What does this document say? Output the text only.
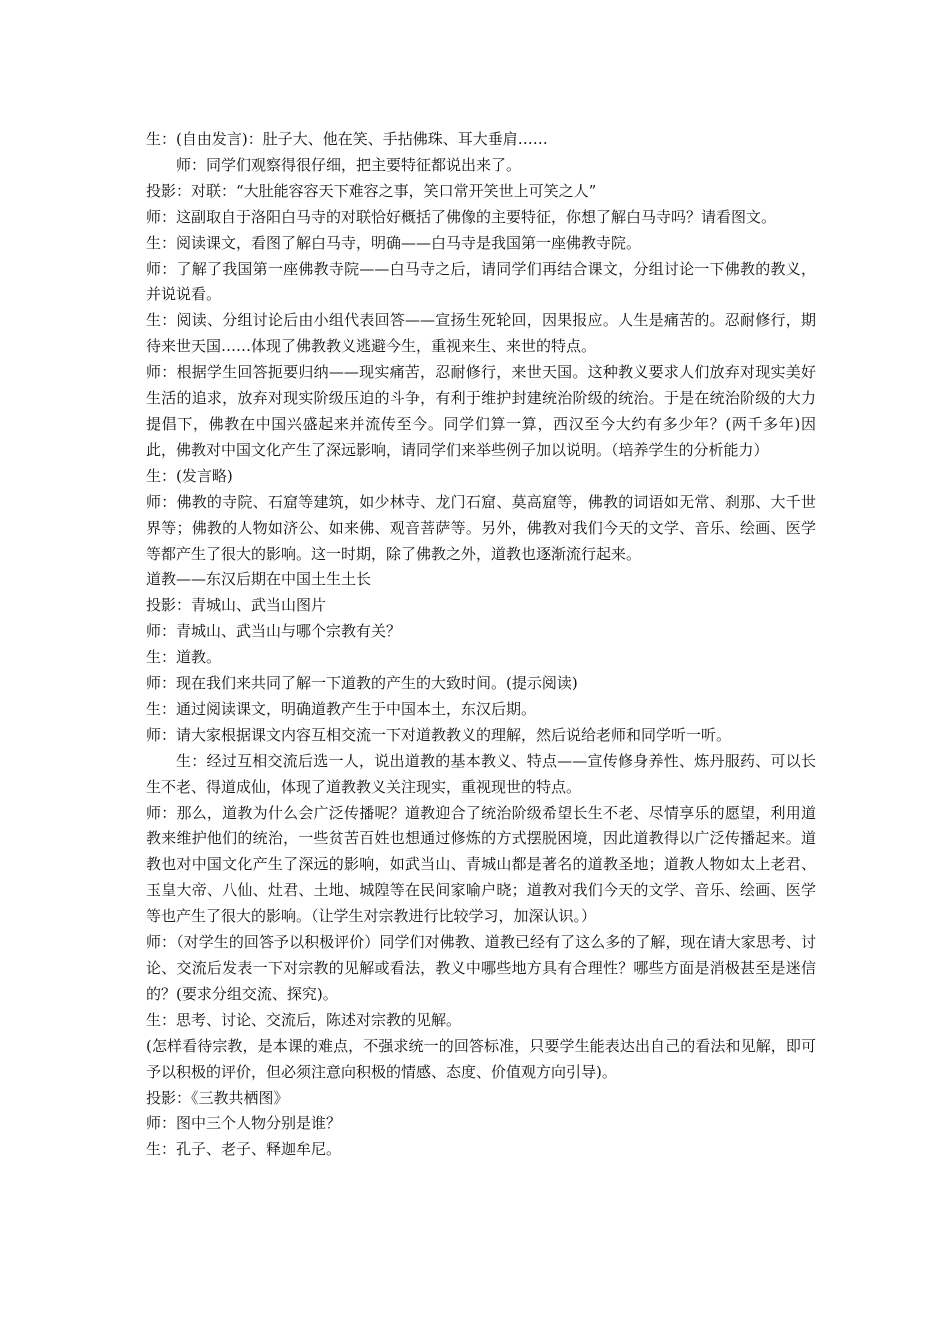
生：(自由发言)：肚子大、他在笑、手拈佛珠、耳大垂肩……

师：同学们观察得很仔细，把主要特征都说出来了。

投影：对联：“大肚能容容天下难容之事，笑口常开笑世上可笑之人”

师：这副取自于洛阳白马寺的对联恰好概括了佛像的主要特征，你想了解白马寺吗？请看图文。

生：阅读课文，看图了解白马寺，明确——白马寺是我国第一座佛教寺院。

师：了解了我国第一座佛教寺院——白马寺之后，请同学们再结合课文，分组讨论一下佛教的教义，并说说看。

生：阅读、分组讨论后由小组代表回答——宣扬生死轮回，因果报应。人生是痛苦的。忍耐修行，期待来世天国……体现了佛教教义逃避今生，重视来生、来世的特点。

师：根据学生回答扼要归纳——现实痛苦，忍耐修行，来世天国。这种教义要求人们放弃对现实美好生活的追求，放弃对现实阶级压迫的斗争，有利于维护封建统治阶级的统治。于是在统治阶级的大力提倡下，佛教在中国兴盛起来并流传至今。同学们算一算，西汉至今大约有多少年？(两千多年)因此，佛教对中国文化产生了深远影响，请同学们来举些例子加以说明。（培养学生的分析能力）

生：(发言略)

师：佛教的寺院、石窟等建筑，如少林寺、龙门石窟、莫高窟等，佛教的词语如无常、刹那、大千世界等；佛教的人物如济公、如来佛、观音菩萨等。另外，佛教对我们今天的文学、音乐、绘画、医学等都产生了很大的影响。这一时期，除了佛教之外，道教也逐渐流行起来。

道教——东汉后期在中国土生土长

投影：青城山、武当山图片

师：青城山、武当山与哪个宗教有关？

生：道教。

师：现在我们来共同了解一下道教的产生的大致时间。(提示阅读)

生：通过阅读课文，明确道教产生于中国本土，东汉后期。

师：请大家根据课文内容互相交流一下对道教教义的理解，然后说给老师和同学听一听。

生：经过互相交流后选一人，说出道教的基本教义、特点——宣传修身养性、炼丹服药、可以长生不老、得道成仙，体现了道教教义关注现实，重视现世的特点。

师：那么，道教为什么会广泛传播呢？道教迎合了统治阶级希望长生不老、尽情享乐的愿望，利用道教来维护他们的统治，一些贫苦百姓也想通过修炼的方式摆脱困境，因此道教得以广泛传播起来。道教也对中国文化产生了深远的影响，如武当山、青城山都是著名的道教圣地；道教人物如太上老君、玉皇大帝、八仙、灶君、土地、城隍等在民间家喻户晓；道教对我们今天的文学、音乐、绘画、医学等也产生了很大的影响。（让学生对宗教进行比较学习，加深认识。）

师：（对学生的回答予以积极评价）同学们对佛教、道教已经有了这么多的了解，现在请大家思考、讨论、交流后发表一下对宗教的见解或看法，教义中哪些地方具有合理性？哪些方面是消极甚至是迷信的？(要求分组交流、探究)。

生：思考、讨论、交流后，陈述对宗教的见解。

(怎样看待宗教，是本课的难点，不强求统一的回答标准，只要学生能表达出自己的看法和见解，即可予以积极的评价，但必须注意向积极的情感、态度、价值观方向引导)。

投影：《三教共栖图》

师：图中三个人物分别是谁？

生：孔子、老子、释迦牟尼。
